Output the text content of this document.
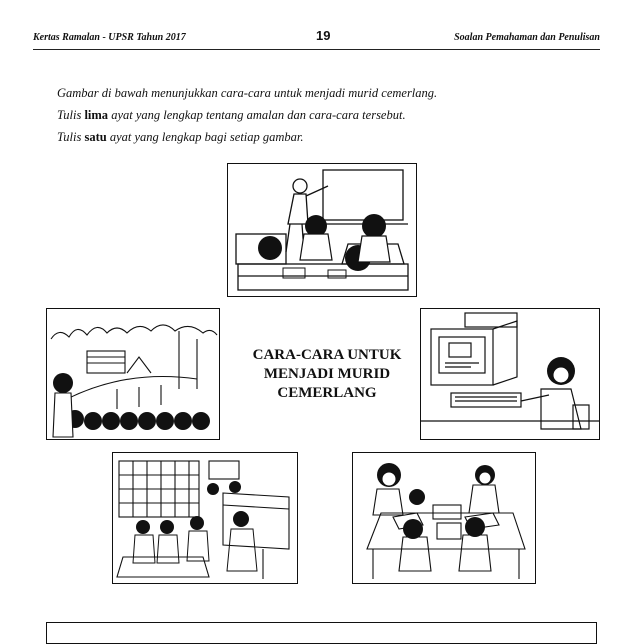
Kertas Ramalan - UPSR Tahun 2017	19	Soalan Pemahaman dan Penulisan
Gambar di bawah menunjukkan cara-cara untuk menjadi murid cemerlang.
Tulis lima ayat yang lengkap tentang amalan dan cara-cara tersebut.
Tulis satu ayat yang lengkap bagi setiap gambar.
CARA-CARA UNTUK
MENJADI MURID
CEMERLANG
